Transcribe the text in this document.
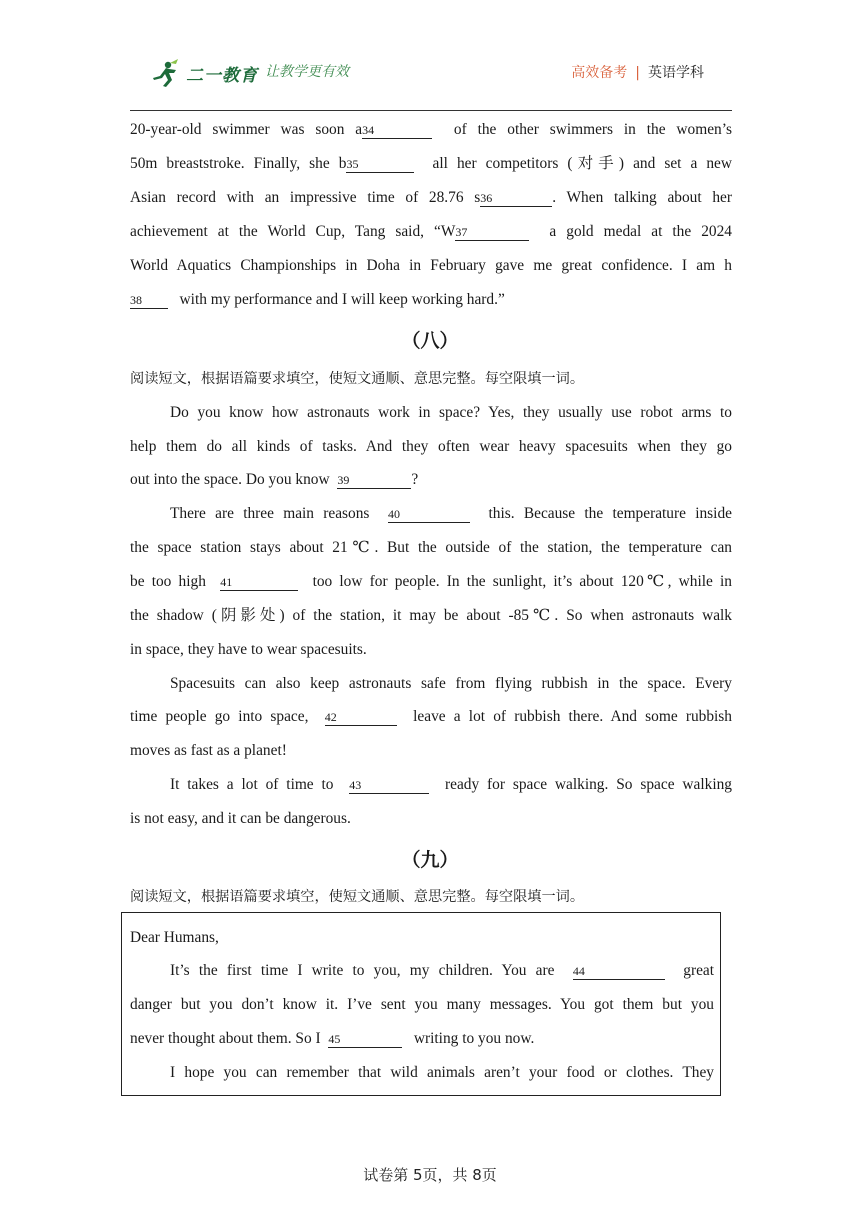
二一教育 让教学更有效	高效备考 | 英语学科
20-year-old swimmer was soon a34	of the other swimmers in the women’s
50m breaststroke. Finally, she b35	all her competitors (对手) and set a new
Asian record with an impressive time of 28.76 s36	. When talking about her
achievement at the World Cup, Tang said, “W37	a gold medal at the 2024
World Aquatics Championships in Doha in February gave me great confidence. I am h
38 with my performance and I will keep working hard.”
（八）
阅读短文，根据语篇要求填空，使短文通顺、意思完整。每空限填一词。
Do you know how astronauts work in space? Yes, they usually use robot arms to
help them do all kinds of tasks. And they often wear heavy spacesuits when they go
out into the space. Do you know 39	?
There are three main reasons 40	this. Because the temperature inside
the space station stays about 21℃. But the outside of the station, the temperature can
be too high 41	too low for people. In the sunlight, it’s about 120℃, while in
the shadow (阴影处) of the station, it may be about -85℃. So when astronauts walk
in space, they have to wear spacesuits.
Spacesuits can also keep astronauts safe from flying rubbish in the space. Every
time people go into space, 42	leave a lot of rubbish there. And some rubbish
moves as fast as a planet!
It takes a lot of time to 43	ready for space walking. So space walking
is not easy, and it can be dangerous.
（九）
阅读短文，根据语篇要求填空，使短文通顺、意思完整。每空限填一词。
Dear Humans,
It’s the first time I write to you, my children. You are 44	great
danger but you don’t know it. I’ve sent you many messages. You got them but you
never thought about them. So I 45	writing to you now.
I hope you can remember that wild animals aren’t your food or clothes. They
试卷第 5页，共 8页
